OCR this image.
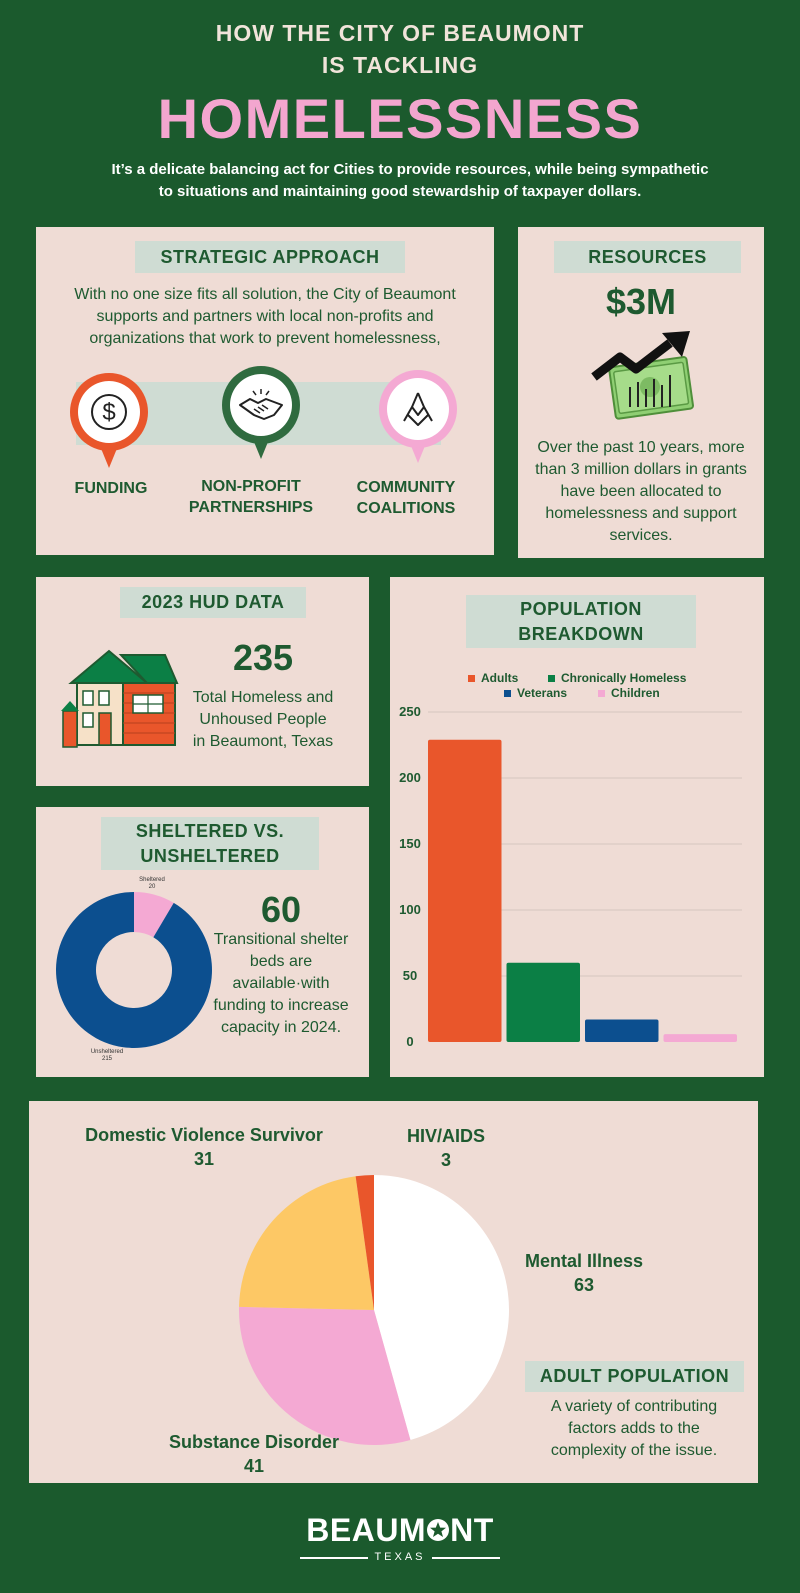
HOW THE CITY OF BEAUMONT
IS TACKLING
HOMELESSNESS
It’s a delicate balancing act for Cities to provide resources, while being sympathetic
to situations and maintaining good stewardship of taxpayer dollars.
STRATEGIC APPROACH
With no one size fits all solution, the City of Beaumont supports and partners with local non-profits and organizations that work to prevent homelessness,
$
FUNDING	NON-PROFIT
PARTNERSHIPS
COMMUNITY
COALITIONS
RESOURCES
$3M
Over the past 10 years, more than 3 million dollars in grants have been allocated to homelessness and support services.
2023 HUD DATA
235
Total Homeless and
Unhoused People
in Beaumont, Texas
SHELTERED VS.
UNSHELTERED
Sheltered
20
Unsheltered
215
60
Transitional shelter beds are available·with funding to increase capacity in 2024.
POPULATION
BREAKDOWN
Adults	Chronically Homeless
Veterans	Children
0
50
100
150
200
250
Domestic Violence Survivor
31
HIV/AIDS
3
Mental Illness
63
Substance Disorder
41
ADULT POPULATION
A variety of contributing factors adds to the complexity of the issue.
BEAUM NT
TEXAS
